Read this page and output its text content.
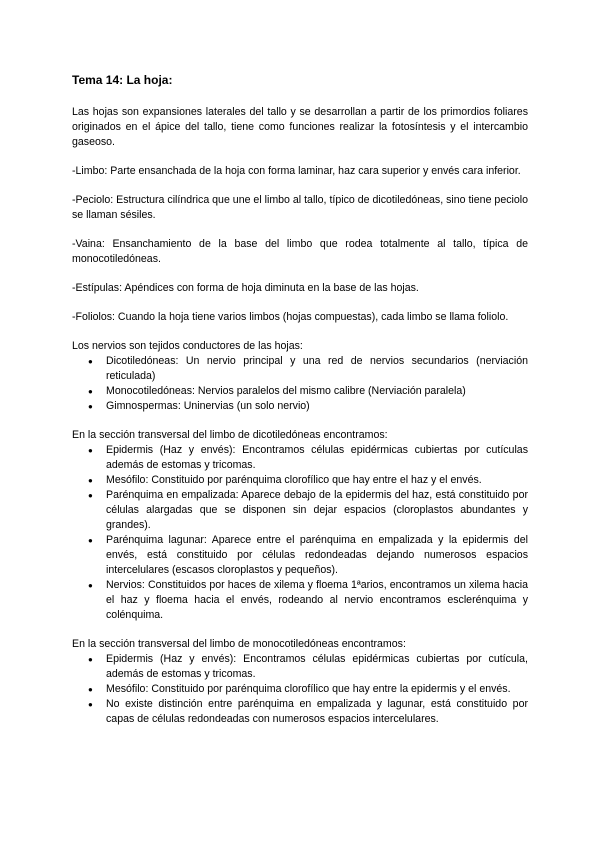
Tema 14: La hoja:

Las hojas son expansiones laterales del tallo y se desarrollan a partir de los primordios foliares originados en el ápice del tallo, tiene como funciones realizar la fotosíntesis y el intercambio gaseoso.

-Limbo: Parte ensanchada de la hoja con forma laminar, haz cara superior y envés cara inferior.

-Peciolo: Estructura cilíndrica que une el limbo al tallo, típico de dicotiledóneas, sino tiene peciolo se llaman sésiles.

-Vaina: Ensanchamiento de la base del limbo que rodea totalmente al tallo, típica de monocotiledóneas.

-Estípulas: Apéndices con forma de hoja diminuta en la base de las hojas.

-Foliolos: Cuando la hoja tiene varios limbos (hojas compuestas), cada limbo se llama foliolo.

Los nervios son tejidos conductores de las hojas:

● Dicotiledóneas: Un nervio principal y una red de nervios secundarios (nerviación reticulada)
● Monocotiledóneas: Nervios paralelos del mismo calibre (Nerviación paralela)
● Gimnospermas: Uninervias (un solo nervio)

En la sección transversal del limbo de dicotiledóneas encontramos:

● Epidermis (Haz y envés): Encontramos células epidérmicas cubiertas por cutículas además de estomas y tricomas.
● Mesófilo: Constituido por parénquima clorofílico que hay entre el haz y el envés.
● Parénquima en empalizada: Aparece debajo de la epidermis del haz, está constituido por células alargadas que se disponen sin dejar espacios (cloroplastos abundantes y grandes).
● Parénquima lagunar: Aparece entre el parénquima en empalizada y la epidermis del envés, está constituido por células redondeadas dejando numerosos espacios intercelulares (escasos cloroplastos y pequeños).
● Nervios: Constituidos por haces de xilema y floema 1ªarios, encontramos un xilema hacia el haz y floema hacia el envés, rodeando al nervio encontramos esclerénquima y colénquima.

En la sección transversal del limbo de monocotiledóneas encontramos:

● Epidermis (Haz y envés): Encontramos células epidérmicas cubiertas por cutícula, además de estomas y tricomas.
● Mesófilo: Constituido por parénquima clorofílico que hay entre la epidermis y el envés.
● No existe distinción entre parénquima en empalizada y lagunar, está constituido por capas de células redondeadas con numerosos espacios intercelulares.
